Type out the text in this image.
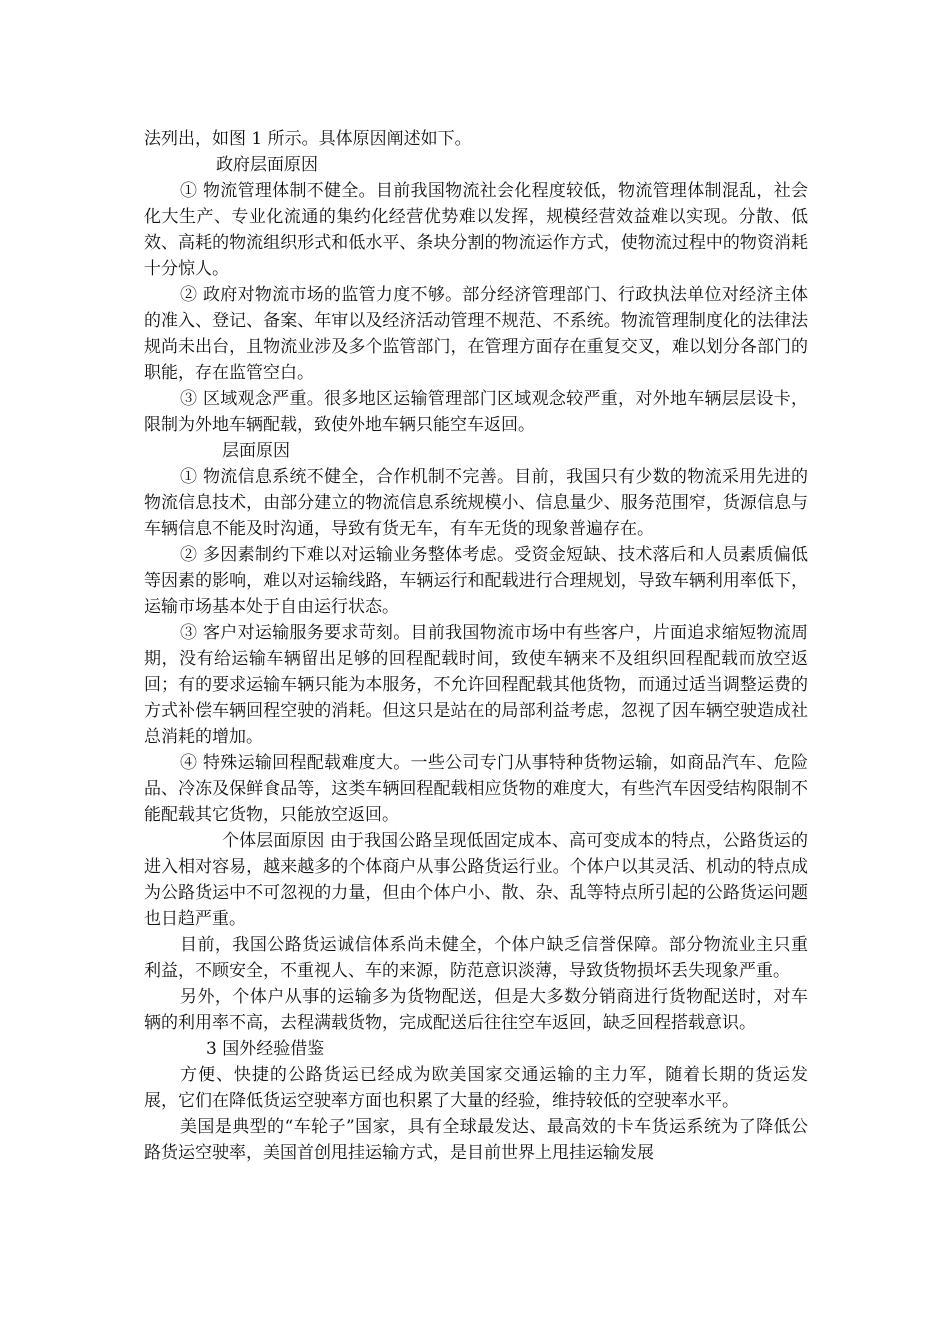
法列出，如图 1 所示。具体原因阐述如下。

政府层面原因

① 物流管理体制不健全。目前我国物流社会化程度较低，物流管理体制混乱，社会化大生产、专业化流通的集约化经营优势难以发挥，规模经营效益难以实现。分散、低效、高耗的物流组织形式和低水平、条块分割的物流运作方式，使物流过程中的物资消耗十分惊人。

② 政府对物流市场的监管力度不够。部分经济管理部门、行政执法单位对经济主体的准入、登记、备案、年审以及经济活动管理不规范、不系统。物流管理制度化的法律法规尚未出台，且物流业涉及多个监管部门，在管理方面存在重复交叉，难以划分各部门的职能，存在监管空白。

③ 区域观念严重。很多地区运输管理部门区域观念较严重，对外地车辆层层设卡，限制为外地车辆配载，致使外地车辆只能空车返回。

层面原因

① 物流信息系统不健全，合作机制不完善。目前，我国只有少数的物流采用先进的物流信息技术，由部分建立的物流信息系统规模小、信息量少、服务范围窄，货源信息与车辆信息不能及时沟通，导致有货无车，有车无货的现象普遍存在。

② 多因素制约下难以对运输业务整体考虑。受资金短缺、技术落后和人员素质偏低等因素的影响，难以对运输线路，车辆运行和配载进行合理规划，导致车辆利用率低下，运输市场基本处于自由运行状态。

③ 客户对运输服务要求苛刻。目前我国物流市场中有些客户，片面追求缩短物流周期，没有给运输车辆留出足够的回程配载时间，致使车辆来不及组织回程配载而放空返回；有的要求运输车辆只能为本服务，不允许回程配载其他货物，而通过适当调整运费的方式补偿车辆回程空驶的消耗。但这只是站在的局部利益考虑，忽视了因车辆空驶造成社总消耗的增加。

④ 特殊运输回程配载难度大。一些公司专门从事特种货物运输，如商品汽车、危险品、冷冻及保鲜食品等，这类车辆回程配载相应货物的难度大，有些汽车因受结构限制不能配载其它货物，只能放空返回。

个体层面原因 由于我国公路呈现低固定成本、高可变成本的特点，公路货运的进入相对容易，越来越多的个体商户从事公路货运行业。个体户以其灵活、机动的特点成为公路货运中不可忽视的力量，但由个体户小、散、杂、乱等特点所引起的公路货运问题也日趋严重。

目前，我国公路货运诚信体系尚未健全，个体户缺乏信誉保障。部分物流业主只重利益，不顾安全，不重视人、车的来源，防范意识淡薄，导致货物损坏丢失现象严重。

另外，个体户从事的运输多为货物配送，但是大多数分销商进行货物配送时，对车辆的利用率不高，去程满载货物，完成配送后往往空车返回，缺乏回程搭载意识。

3 国外经验借鉴

方便、快捷的公路货运已经成为欧美国家交通运输的主力军，随着长期的货运发展，它们在降低货运空驶率方面也积累了大量的经验，维持较低的空驶率水平。

美国是典型的“车轮子”国家，具有全球最发达、最高效的卡车货运系统为了降低公路货运空驶率，美国首创甩挂运输方式，是目前世界上甩挂运输发展
